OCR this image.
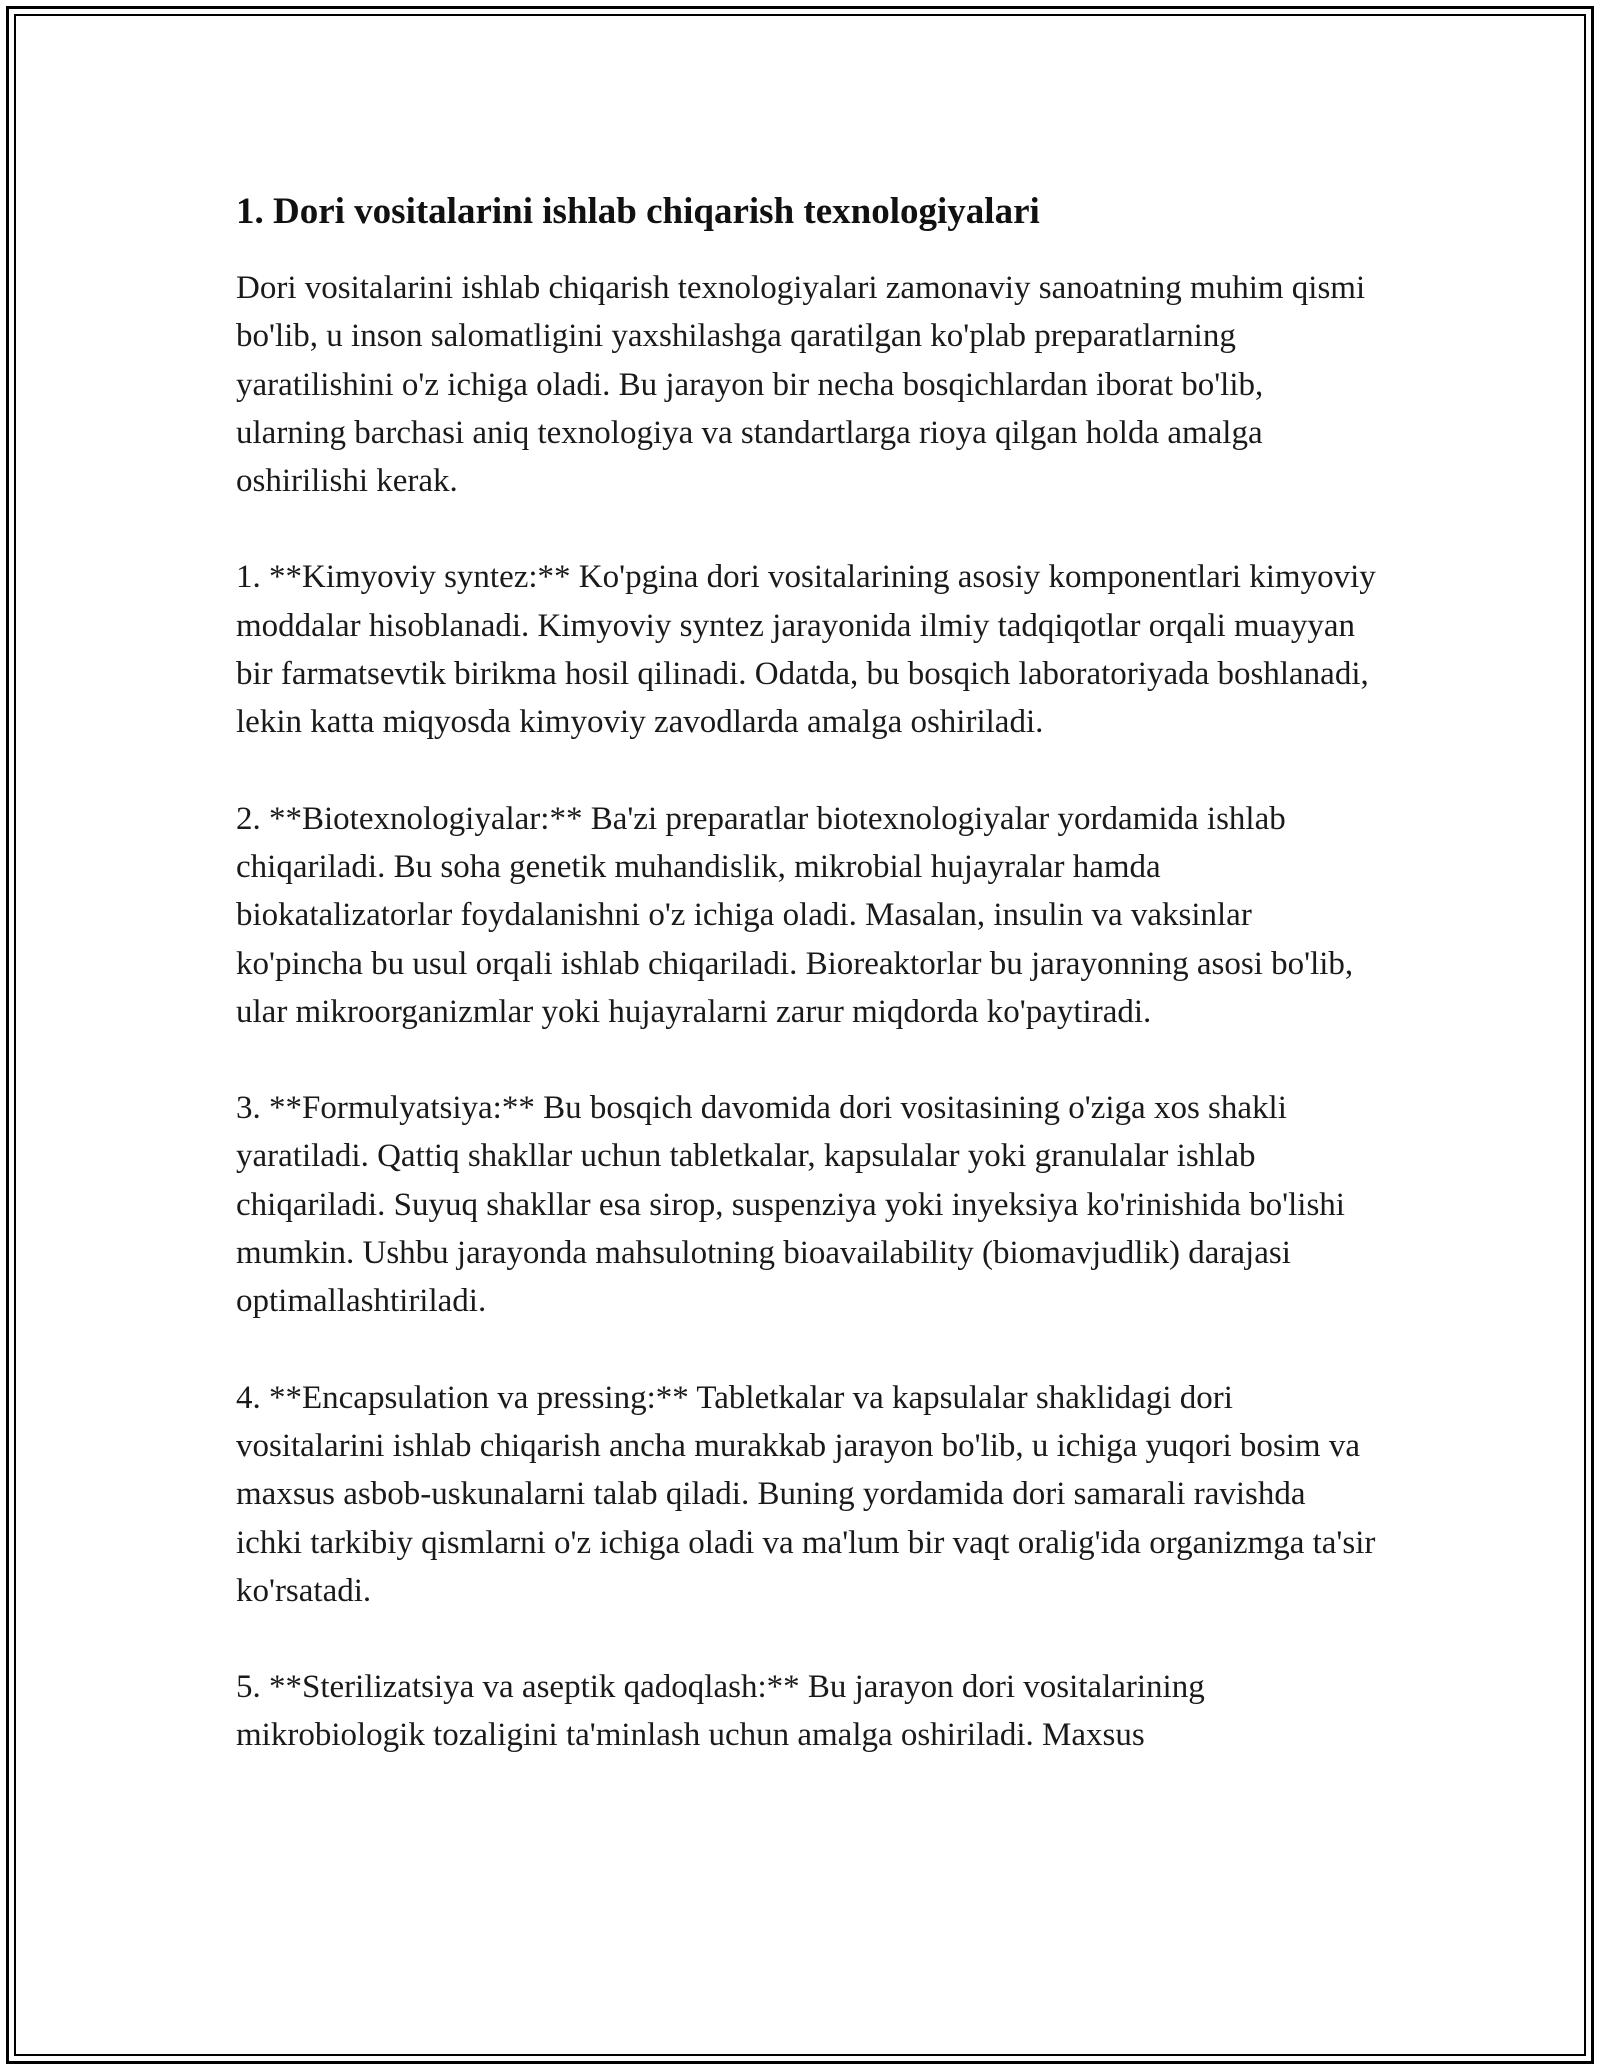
1. Dori vositalarini ishlab chiqarish texnologiyalari

Dori vositalarini ishlab chiqarish texnologiyalari zamonaviy sanoatning muhim qismi bo'lib, u inson salomatligini yaxshilashga qaratilgan ko'plab preparatlarning yaratilishini o'z ichiga oladi. Bu jarayon bir necha bosqichlardan iborat bo'lib, ularning barchasi aniq texnologiya va standartlarga rioya qilgan holda amalga oshirilishi kerak.

1. **Kimyoviy syntez:** Ko'pgina dori vositalarining asosiy komponentlari kimyoviy moddalar hisoblanadi. Kimyoviy syntez jarayonida ilmiy tadqiqotlar orqali muayyan bir farmatsevtik birikma hosil qilinadi. Odatda, bu bosqich laboratoriyada boshlanadi, lekin katta miqyosda kimyoviy zavodlarda amalga oshiriladi.

2. **Biotexnologiyalar:** Ba'zi preparatlar biotexnologiyalar yordamida ishlab chiqariladi. Bu soha genetik muhandislik, mikrobial hujayralar hamda biokatalizatorlar foydalanishni o'z ichiga oladi. Masalan, insulin va vaksinlar ko'pincha bu usul orqali ishlab chiqariladi. Bioreaktorlar bu jarayonning asosi bo'lib, ular mikroorganizmlar yoki hujayralarni zarur miqdorda ko'paytiradi.

3. **Formulyatsiya:** Bu bosqich davomida dori vositasining o'ziga xos shakli yaratiladi. Qattiq shakllar uchun tabletkalar, kapsulalar yoki granulalar ishlab chiqariladi. Suyuq shakllar esa sirop, suspenziya yoki inyeksiya ko'rinishida bo'lishi mumkin. Ushbu jarayonda mahsulotning bioavailability (biomavjudlik) darajasi optimallashtiriladi.

4. **Encapsulation va pressing:** Tabletkalar va kapsulalar shaklidagi dori vositalarini ishlab chiqarish ancha murakkab jarayon bo'lib, u ichiga yuqori bosim va maxsus asbob-uskunalarni talab qiladi. Buning yordamida dori samarali ravishda ichki tarkibiy qismlarni o'z ichiga oladi va ma'lum bir vaqt oralig'ida organizmga ta'sir ko'rsatadi.

5. **Sterilizatsiya va aseptik qadoqlash:** Bu jarayon dori vositalarining mikrobiologik tozaligini ta'minlash uchun amalga oshiriladi. Maxsus
